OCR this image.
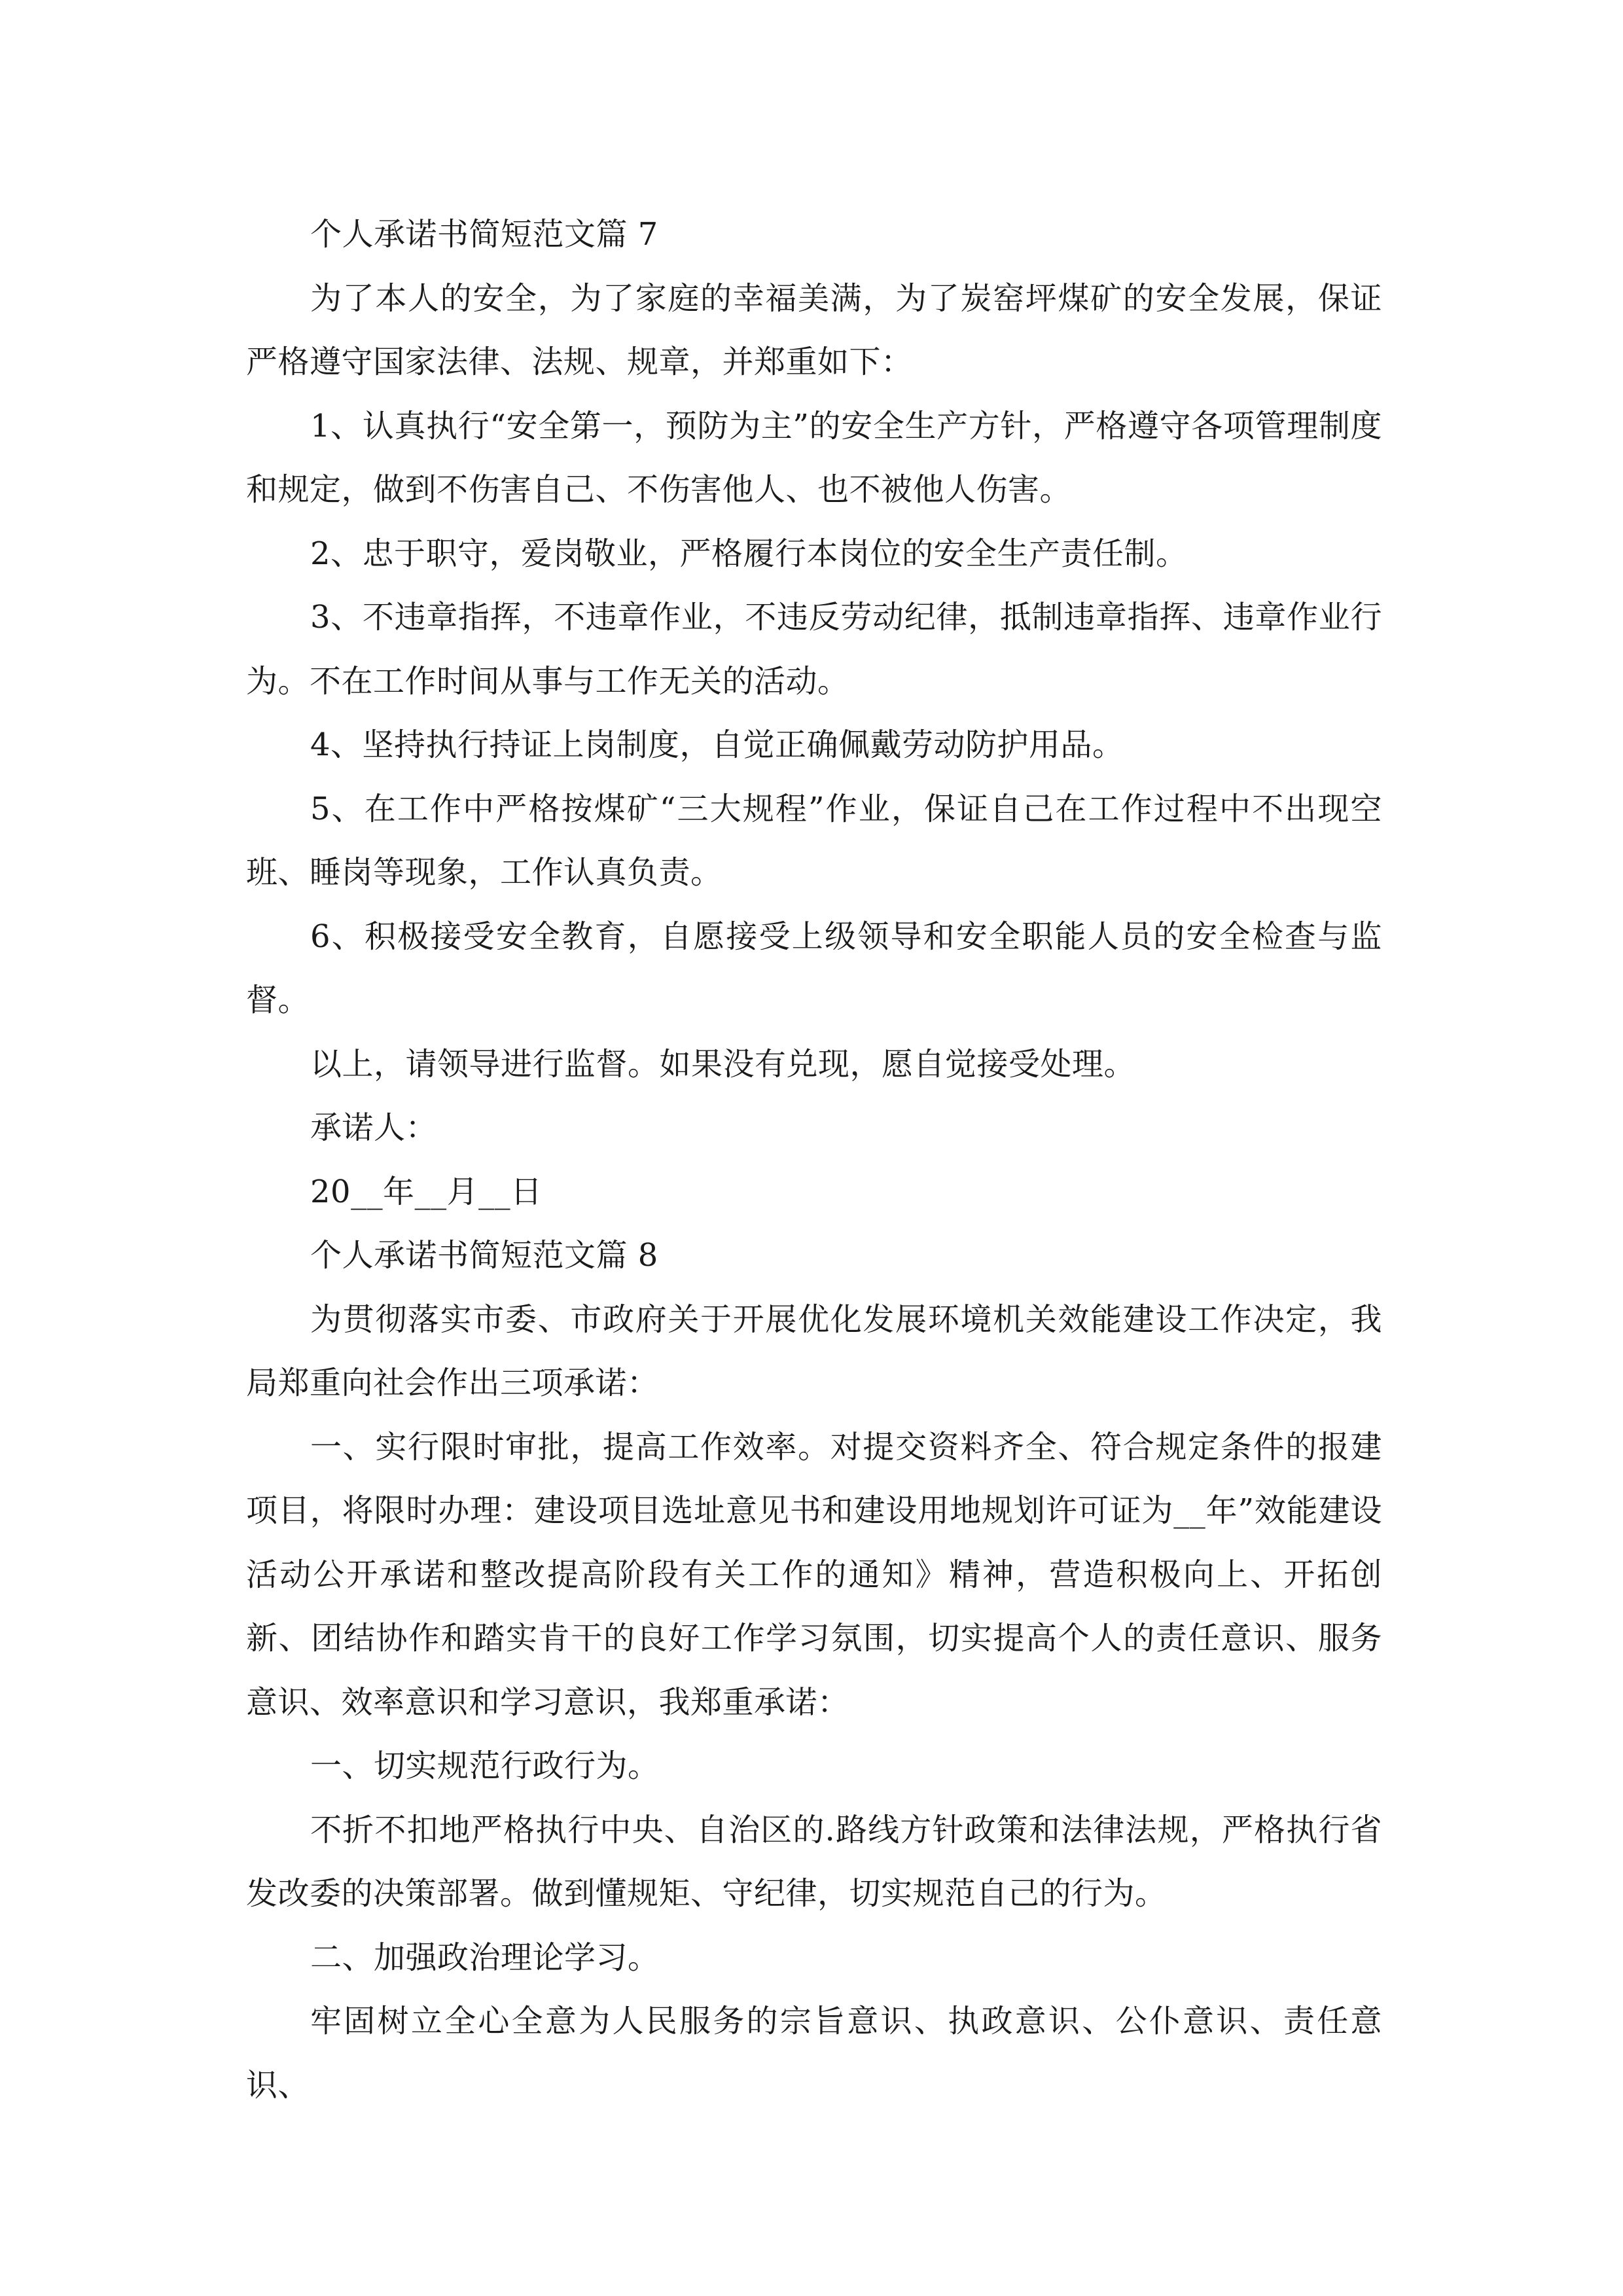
个人承诺书简短范文篇 7

为了本人的安全，为了家庭的幸福美满，为了炭窑坪煤矿的安全发展，保证严格遵守国家法律、法规、规章，并郑重如下：

1、认真执行“安全第一，预防为主”的安全生产方针，严格遵守各项管理制度和规定，做到不伤害自己、不伤害他人、也不被他人伤害。

2、忠于职守，爱岗敬业，严格履行本岗位的安全生产责任制。

3、不违章指挥，不违章作业，不违反劳动纪律，抵制违章指挥、违章作业行为。不在工作时间从事与工作无关的活动。

4、坚持执行持证上岗制度，自觉正确佩戴劳动防护用品。

5、在工作中严格按煤矿“三大规程”作业，保证自己在工作过程中不出现空班、睡岗等现象，工作认真负责。

6、积极接受安全教育，自愿接受上级领导和安全职能人员的安全检查与监督。

以上，请领导进行监督。如果没有兑现，愿自觉接受处理。

承诺人：

20__年__月__日

个人承诺书简短范文篇 8

为贯彻落实市委、市政府关于开展优化发展环境机关效能建设工作决定，我局郑重向社会作出三项承诺：

一、实行限时审批，提高工作效率。对提交资料齐全、符合规定条件的报建项目，将限时办理：建设项目选址意见书和建设用地规划许可证为__年”效能建设活动公开承诺和整改提高阶段有关工作的通知》精神，营造积极向上、开拓创新、团结协作和踏实肯干的良好工作学习氛围，切实提高个人的责任意识、服务意识、效率意识和学习意识，我郑重承诺：

一、切实规范行政行为。

不折不扣地严格执行中央、自治区的.路线方针政策和法律法规，严格执行省发改委的决策部署。做到懂规矩、守纪律，切实规范自己的行为。

二、加强政治理论学习。

牢固树立全心全意为人民服务的宗旨意识、执政意识、公仆意识、责任意识、
